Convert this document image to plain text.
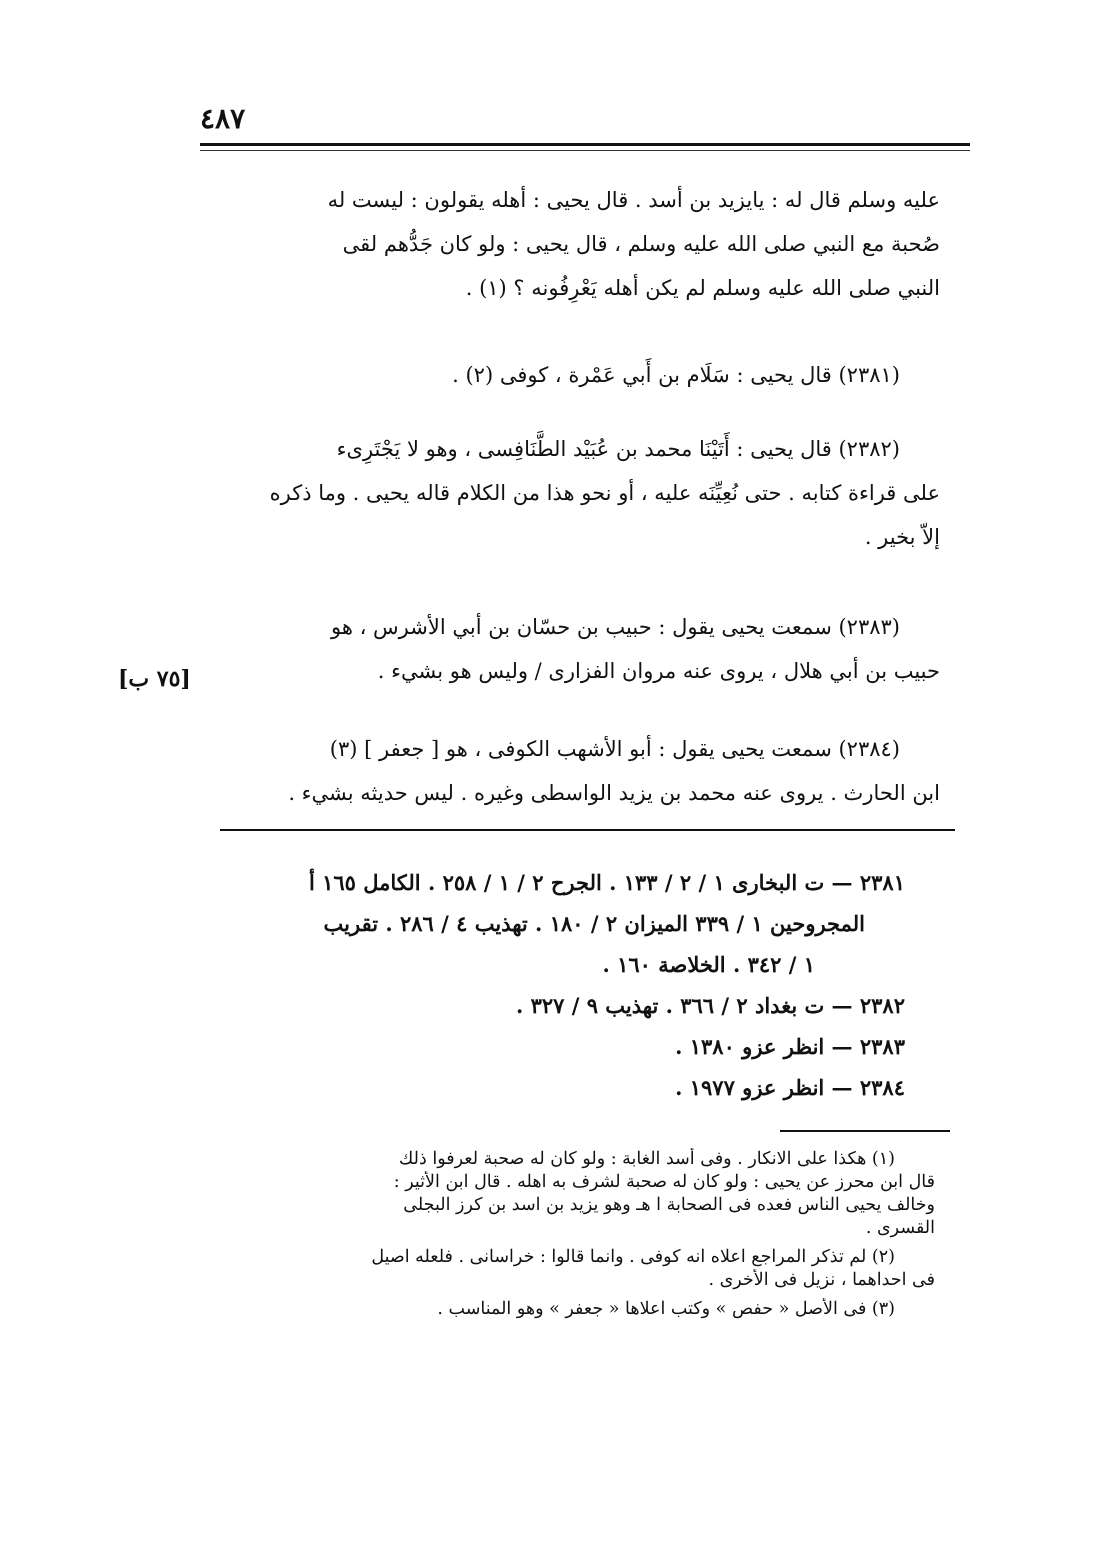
٤٨٧
عليه وسلم قال له : يايزيد بن أسد . قال يحيى : أهله يقولون : ليست له
صُحبة مع النبي صلى الله عليه وسلم ، قال يحيى : ولو كان جَدُّهم لقى
النبي صلى الله عليه وسلم لم يكن أهله يَعْرِفُونه ؟ (١) .
(٢٣٨١) قال يحيى : سَلَام بن أَبي عَمْرة ، كوفى (٢) .
(٢٣٨٢) قال يحيى : أَتَيْنَا محمد بن عُبَيْد الطَّنَافِسى ، وهو لا يَجْتَرِىء
على قراءة كتابه . حتى نُعِيِّنَه عليه ، أو نحو هذا من الكلام قاله يحيى . وما ذكره
إلاّ بخير .
(٢٣٨٣) سمعت يحيى يقول : حبيب بن حسّان بن أبي الأشرس ، هو
حبيب بن أبي هلال ، يروى عنه مروان الفزارى / وليس هو بشيء .
[٧٥ ب]
(٢٣٨٤) سمعت يحيى يقول : أبو الأشهب الكوفى ، هو [ جعفر ] (٣)
ابن الحارث . يروى عنه محمد بن يزيد الواسطى وغيره . ليس حديثه بشيء .
٢٣٨١ — ت البخارى ١ / ٢ / ١٣٣ . الجرح ٢ / ١ / ٢٥٨ . الكامل ١٦٥ أ
المجروحين ١ / ٣٣٩ الميزان ٢ / ١٨٠ . تهذيب ٤ / ٢٨٦ . تقريب
١ / ٣٤٢ . الخلاصة ١٦٠ .
٢٣٨٢ — ت بغداد ٢ / ٣٦٦ . تهذيب ٩ / ٣٢٧ .
٢٣٨٣ — انظر عزو ١٣٨٠ .
٢٣٨٤ — انظر عزو ١٩٧٧ .
(١) هكذا على الانكار . وفى أسد الغابة : ولو كان له صحبة لعرفوا ذلك
قال ابن محرز عن يحيى : ولو كان له صحبة لشرف به اهله . قال ابن الأثير :
وخالف يحيى الناس فعده فى الصحابة ا هـ وهو يزيد بن اسد بن كرز البجلى
القسرى .
(٢) لم تذكر المراجع اعلاه انه كوفى . وانما قالوا : خراسانى . فلعله اصيل
فى احداهما ، نزيل فى الأخرى .
(٣) فى الأصل « حفص » وكتب اعلاها « جعفر » وهو المناسب .
